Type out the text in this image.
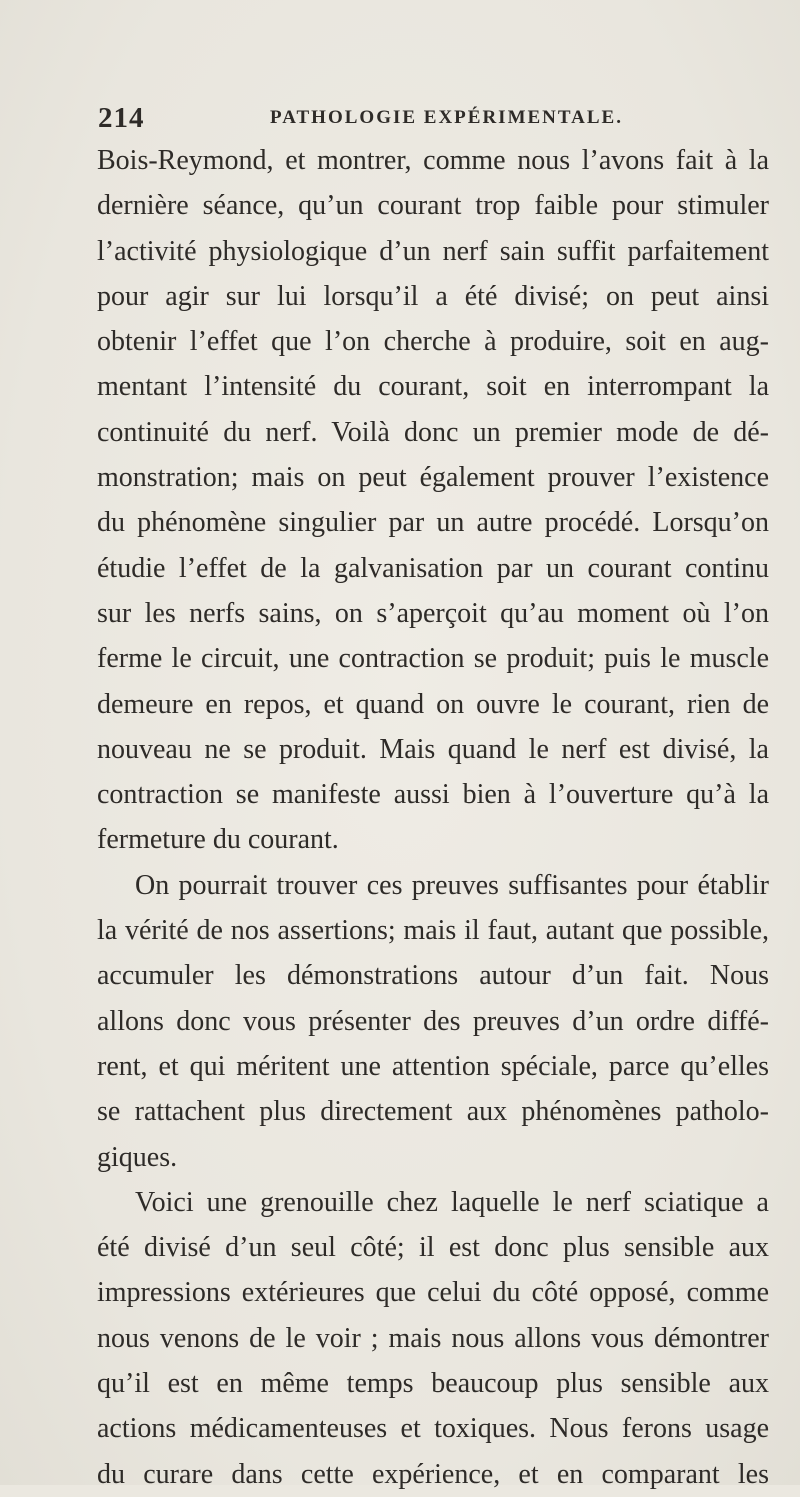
214	PATHOLOGIE EXPÉRIMENTALE.
Bois-Reymond, et montrer, comme nous l’avons fait à la
dernière séance, qu’un courant trop faible pour stimuler
l’activité physiologique d’un nerf sain suffit parfaitement
pour agir sur lui lorsqu’il a été divisé; on peut ainsi
obtenir l’effet que l’on cherche à produire, soit en aug-
mentant l’intensité du courant, soit en interrompant la
continuité du nerf. Voilà donc un premier mode de dé-
monstration; mais on peut également prouver l’existence
du phénomène singulier par un autre procédé. Lorsqu’on
étudie l’effet de la galvanisation par un courant continu
sur les nerfs sains, on s’aperçoit qu’au moment où l’on
ferme le circuit, une contraction se produit; puis le muscle
demeure en repos, et quand on ouvre le courant, rien de
nouveau ne se produit. Mais quand le nerf est divisé, la
contraction se manifeste aussi bien à l’ouverture qu’à la
fermeture du courant.
On pourrait trouver ces preuves suffisantes pour établir
la vérité de nos assertions; mais il faut, autant que possible,
accumuler les démonstrations autour d’un fait. Nous
allons donc vous présenter des preuves d’un ordre diffé-
rent, et qui méritent une attention spéciale, parce qu’elles
se rattachent plus directement aux phénomènes patholo-
giques.
Voici une grenouille chez laquelle le nerf sciatique a
été divisé d’un seul côté; il est donc plus sensible aux
impressions extérieures que celui du côté opposé, comme
nous venons de le voir ; mais nous allons vous démontrer
qu’il est en même temps beaucoup plus sensible aux
actions médicamenteuses et toxiques. Nous ferons usage
du curare dans cette expérience, et en comparant les
